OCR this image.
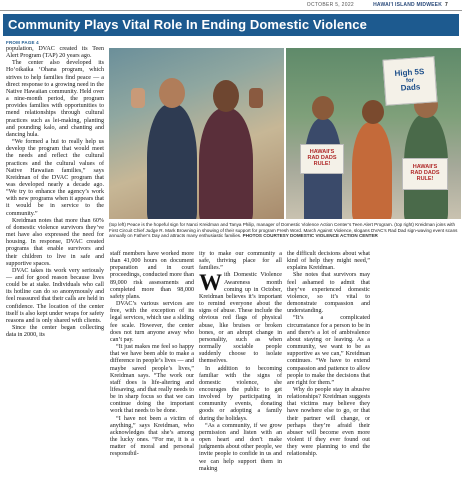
OCTOBER 5, 2022	HAWAI'I ISLAND MIDWEEK 7
Community Plays Vital Role In Ending Domestic Violence
FROM PAGE 4

population, DVAC created its Teen Alert Program (TAP) 20 years ago.

The center also developed its Hoʻoikaika ʻOhana program, which strives to help families find peace — a direct response to a growing need in the Native Hawaiian community. Held over a nine-month period, the program provides families with opportunities to mend relationships through cultural practices such as lei-making, planting and pounding kalo, and chanting and dancing hula.

“We formed a hui to really help us develop the program that would meet the needs and reflect the cultural practices and the cultural values of Native Hawaiian families,” says Kreidman of the DVAC program that was developed nearly a decade ago. “We try to enhance the agency’s work with new programs when it appears that it would be in service to the community.”

Kreidman notes that more than 60% of domestic violence survivors they’ve met have also expressed the need for housing. In response, DVAC created programs that enable survivors and their children to live in safe and supportive spaces.

DVAC takes its work very seriously — and for good reason because lives could be at stake. Individuals who call its hotline can do so anonymously and feel reassured that their calls are held in confidence. The location of the center itself is also kept under wraps for safety reasons and is only shared with clients.

Since the center began collecting data in 2000, its

High 5S
for
Dads
HAWAII'S
RAD DADS
RULE!
HAWAII'S
RAD DADS
RULE!
(top left) Peace is the hopeful sign for Nanci Kreidman and Tanya Philip, manager of Domestic Violence Action Center’s Teen Alert Program. (top right) Kreidman joins with First Circuit Chief Judge R. Mark Browning in showing of their support for program Fresh Word. March Against Violence, slogans DVAC’s Rad Dad sign-waving event scans annually on Father’s Day and attracts many enthusiastic families. PHOTOS COURTESY DOMESTIC VIOLENCE ACTION CENTER

staff members have worked more than 41,000 hours on document preparation and in court proceedings, conducted more than 89,000 risk assessments and completed more than 98,000 safety plans.

DVAC’s various services are free, with the exception of its legal services, which use a sliding fee scale. However, the center does not turn anyone away who can’t pay.

“It just makes me feel so happy that we have been able to make a difference in people’s lives — and maybe saved people’s lives,” Kreidman says. “The work our staff does is life-altering and lifesaving, and that really needs to be in sharp focus so that we can continue doing the important work that needs to be done.

“I have not been a victim of anything,” says Kreidman, who acknowledges that she’s among the lucky ones. “For me, it is a matter of moral and personal responsibil-

ity to make our community a safe, thriving place for all families.”

With Domestic Violence Awareness month coming up in October, Kreidman believes it’s important to remind everyone about the signs of abuse. These include the obvious red flags of physical abuse, like bruises or broken bones, or an abrupt change in personality, such as when normally sociable people suddenly choose to isolate themselves.

In addition to becoming familiar with the signs of domestic violence, she encourages the public to get involved by participating in community events, donating goods or adopting a family during the holidays.

“As a community, if we grow permission and listen with an open heart and don’t make judgments about other people, we invite people to confide in us and we can help support them in making

the difficult decisions about what kind of help they might need,” explains Kreidman.

She notes that survivors may feel ashamed to admit that they’ve experienced domestic violence, so it’s vital to demonstrate compassion and understanding.

“It’s a complicated circumstance for a person to be in and there’s a lot of ambivalence about staying or leaving. As a community, we want to be as supportive as we can,” Kreidman continues. “We have to extend compassion and patience to allow people to make the decisions that are right for them.”

Why do people stay in abusive relationships? Kreidman suggests that victims may believe they have nowhere else to go, or that their partner will change, or perhaps they’re afraid their abuser will become even more violent if they ever found out they were planning to end the relationship.
